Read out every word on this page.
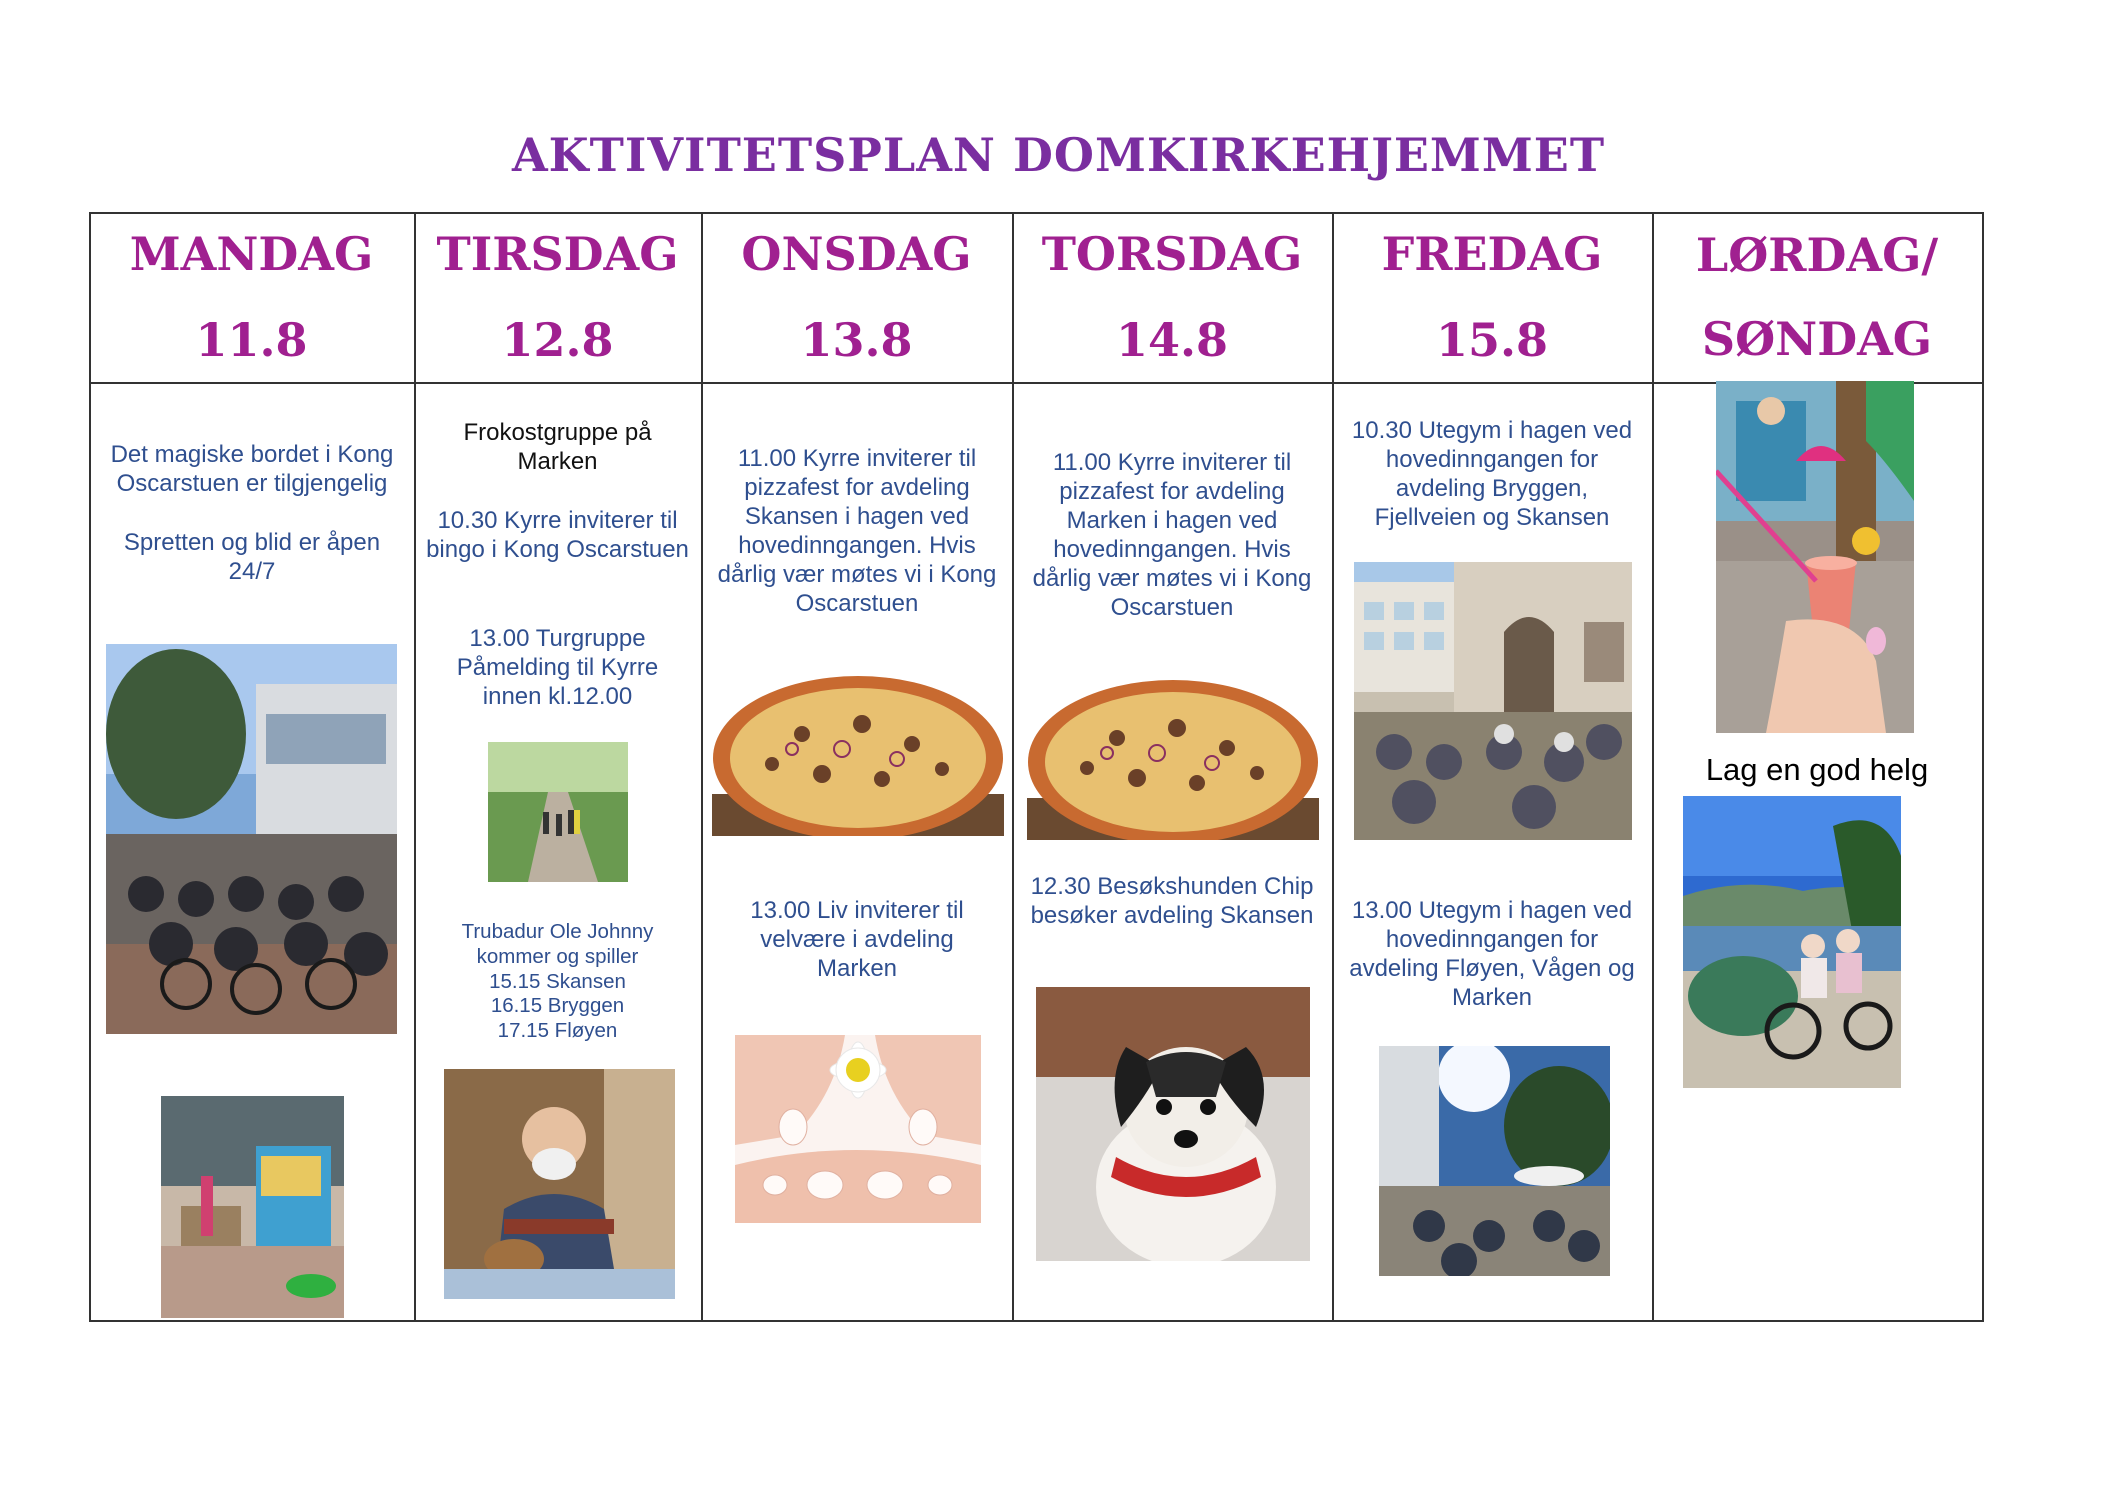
AKTIVITETSPLAN DOMKIRKEHJEMMET
MANDAG
11.8
TIRSDAG
12.8
ONSDAG
13.8
TORSDAG
14.8
FREDAG
15.8
LØRDAG/
SØNDAG
Det magiske bordet i Kong Oscarstuen er tilgjengelig
Spretten og blid er åpen 24/7
Frokostgruppe på Marken
10.30 Kyrre inviterer til bingo i Kong Oscarstuen
13.00 Turgruppe Påmelding til Kyrre innen kl.12.00
Trubadur Ole Johnny kommer og spiller
15.15 Skansen
16.15 Bryggen
17.15 Fløyen
11.00 Kyrre inviterer til pizzafest for avdeling Skansen i hagen ved hovedinngangen. Hvis dårlig vær møtes vi i Kong Oscarstuen
13.00 Liv inviterer til velvære i avdeling Marken
11.00 Kyrre inviterer til pizzafest for avdeling Marken i hagen ved hovedinngangen. Hvis dårlig vær møtes vi i Kong Oscarstuen
12.30 Besøkshunden Chip besøker avdeling Skansen
10.30 Utegym i hagen ved hovedinngangen for avdeling Bryggen, Fjellveien og Skansen
13.00 Utegym i hagen ved hovedinngangen for avdeling Fløyen, Vågen og Marken
Lag en god helg
